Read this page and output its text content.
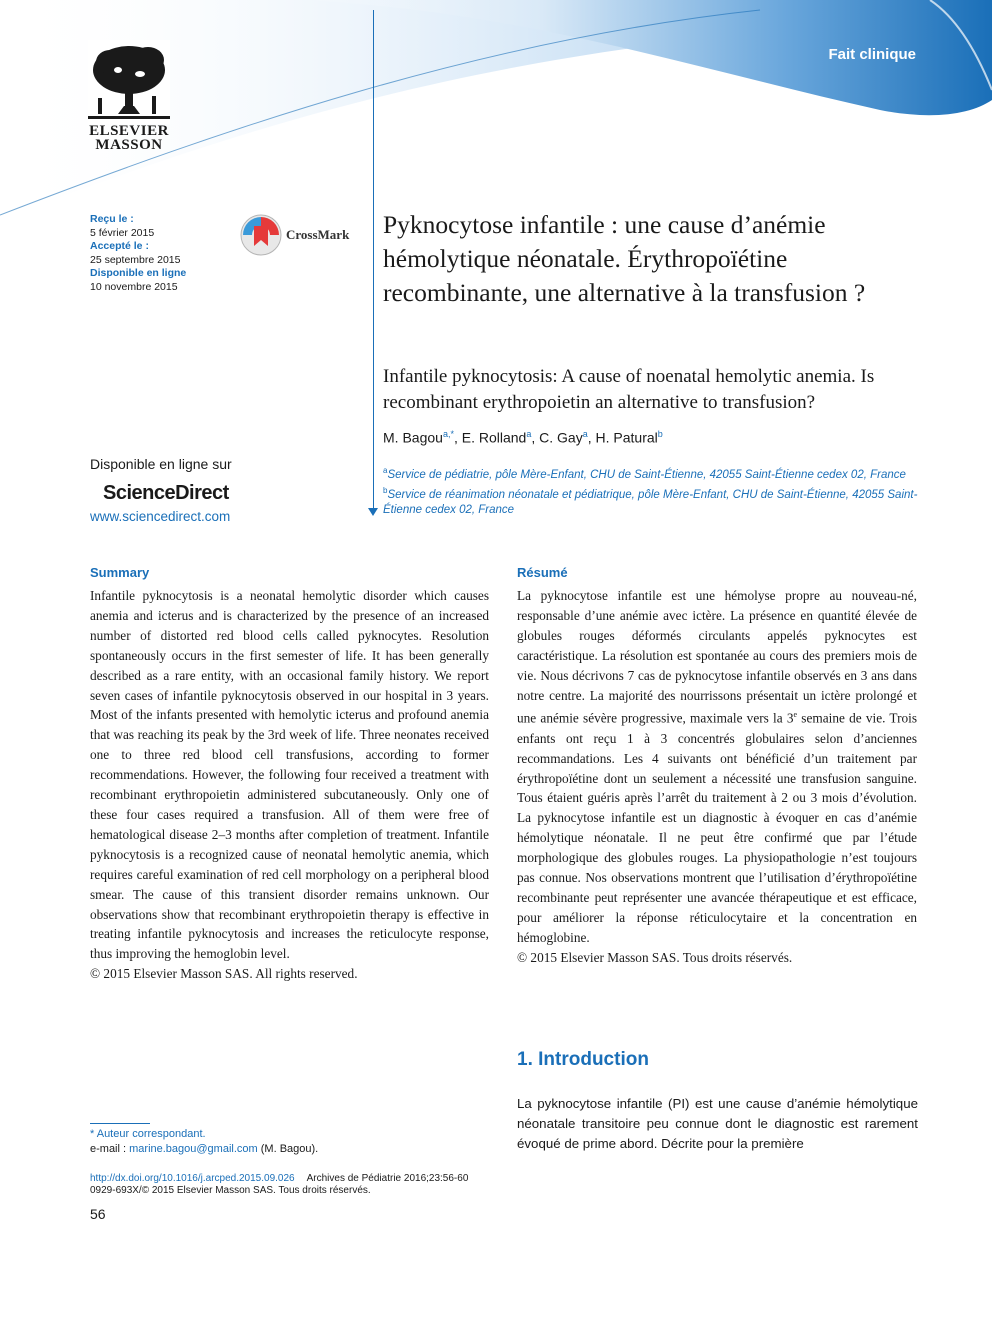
Fait clinique
ELSEVIER
MASSON
Reçu le :
5 février 2015
Accepté le :
25 septembre 2015
Disponible en ligne
10 novembre 2015
CrossMark Pyknocytose infantile : une cause d’anémie hémolytique néonatale. Érythropoïétine recombinante, une alternative à la transfusion ?
Infantile pyknocytosis: A cause of noenatal hemolytic anemia. Is recombinant erythropoietin an alternative to transfusion?
M. Bagou$^{a,*}$, E. Rolland$^a$, C. Gay$^a$, H. Patural$^b$
$^a$Service de pédiatrie, pôle Mère-Enfant, CHU de Saint-Étienne, 42055 Saint-Étienne cedex 02, France
$^b$Service de réanimation néonatale et pédiatrique, pôle Mère-Enfant, CHU de Saint-Étienne, 42055 Saint-Étienne cedex 02, France
Disponible en ligne sur
ScienceDirect
www.sciencedirect.com
Summary

Infantile pyknocytosis is a neonatal hemolytic disorder which causes anemia and icterus and is characterized by the presence of an increased number of distorted red blood cells called pyknocytes. Resolution spontaneously occurs in the first semester of life. It has been generally described as a rare entity, with an occasional family history. We report seven cases of infantile pyknocytosis observed in our hospital in 3 years. Most of the infants presented with hemolytic icterus and profound anemia that was reaching its peak by the 3rd week of life. Three neonates received one to three red blood cell transfusions, according to former recommendations. However, the following four received a treatment with recombinant erythropoietin administered subcutaneously. Only one of these four cases required a transfusion. All of them were free of hematological disease 2–3 months after completion of treatment. Infantile pyknocytosis is a recognized cause of neonatal hemolytic anemia, which requires careful examination of red cell morphology on a peripheral blood smear. The cause of this transient disorder remains unknown. Our observations show that recombinant erythropoietin therapy is effective in treating infantile pyknocytosis and increases the reticulocyte response, thus improving the hemoglobin level.

© 2015 Elsevier Masson SAS. All rights reserved.

Résumé

La pyknocytose infantile est une hémolyse propre au nouveau-né, responsable d’une anémie avec ictère. La présence en quantité élevée de globules rouges déformés circulants appelés pyknocytes est caractéristique. La résolution est spontanée au cours des premiers mois de vie. Nous décrivons 7 cas de pyknocytose infantile observés en 3 ans dans notre centre. La majorité des nourrissons présentait un ictère prolongé et une anémie sévère progressive, maximale vers la 3e semaine de vie. Trois enfants ont reçu 1 à 3 concentrés globulaires selon d’anciennes recommandations. Les 4 suivants ont bénéficié d’un traitement par érythropoïétine dont un seulement a nécessité une transfusion sanguine. Tous étaient guéris après l’arrêt du traitement à 2 ou 3 mois d’évolution. La pyknocytose infantile est un diagnostic à évoquer en cas d’anémie hémolytique néonatale. Il ne peut être confirmé que par l’étude morphologique des globules rouges. La physiopathologie n’est toujours pas connue. Nos observations montrent que l’utilisation d’érythropoïétine recombinante peut représenter une avancée thérapeutique et est efficace, pour améliorer la réponse réticulocytaire et la concentration en hémoglobine.

© 2015 Elsevier Masson SAS. Tous droits réservés.

1. Introduction
La pyknocytose infantile (PI) est une cause d’anémie hémolytique néonatale transitoire peu connue dont le diagnostic est rarement évoqué de prime abord. Décrite pour la première
* Auteur correspondant.
e-mail : marine.bagou@gmail.com (M. Bagou).
http://dx.doi.org/10.1016/j.arcped.2015.09.026 Archives de Pédiatrie 2016;23:56-60
0929-693X/© 2015 Elsevier Masson SAS. Tous droits réservés.
56
